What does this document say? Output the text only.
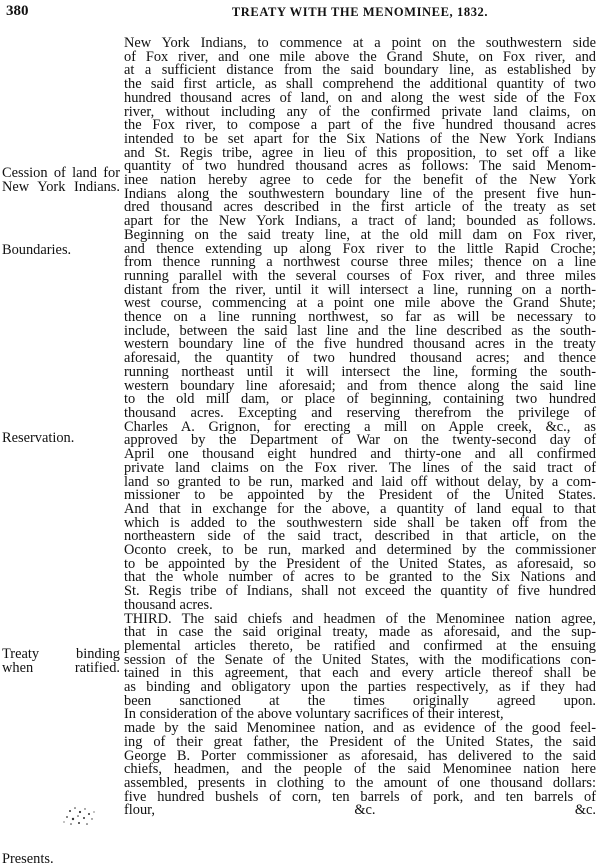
380	TREATY WITH THE MENOMINEE, 1832.
Cession of land for
New York Indians.
Boundaries.
Reservation.
Treaty binding
when ratified.
Presents.
New York Indians, to commence at a point on the southwestern side
of Fox river, and one mile above the Grand Shute, on Fox river, and
at a sufficient distance from the said boundary line, as established by
the said first article, as shall comprehend the additional quantity of two
hundred thousand acres of land, on and along the west side of the Fox
river, without including any of the confirmed private land claims, on
the Fox river, to compose a part of the five hundred thousand acres
intended to be set apart for the Six Nations of the New York Indians
and St. Regis tribe, agree in lieu of this proposition, to set off a like
quantity of two hundred thousand acres as follows: The said Menom-
inee nation hereby agree to cede for the benefit of the New York
Indians along the southwestern boundary line of the present five hun-
dred thousand acres described in the first article of the treaty as set
apart for the New York Indians, a tract of land; bounded as follows.
Beginning on the said treaty line, at the old mill dam on Fox river,
and thence extending up along Fox river to the little Rapid Croche;
from thence running a northwest course three miles; thence on a line
running parallel with the several courses of Fox river, and three miles
distant from the river, until it will intersect a line, running on a north-
west course, commencing at a point one mile above the Grand Shute;
thence on a line running northwest, so far as will be necessary to
include, between the said last line and the line described as the south-
western boundary line of the five hundred thousand acres in the treaty
aforesaid, the quantity of two hundred thousand acres; and thence
running northeast until it will intersect the line, forming the south-
western boundary line aforesaid; and from thence along the said line
to the old mill dam, or place of beginning, containing two hundred
thousand acres. Excepting and reserving therefrom the privilege of
Charles A. Grignon, for erecting a mill on Apple creek, &c., as
approved by the Department of War on the twenty-second day of
April one thousand eight hundred and thirty-one and all confirmed
private land claims on the Fox river. The lines of the said tract of
land so granted to be run, marked and laid off without delay, by a com-
missioner to be appointed by the President of the United States.
And that in exchange for the above, a quantity of land equal to that
which is added to the southwestern side shall be taken off from the
northeastern side of the said tract, described in that article, on the
Oconto creek, to be run, marked and determined by the commissioner
to be appointed by the President of the United States, as aforesaid, so
that the whole number of acres to be granted to the Six Nations and
St. Regis tribe of Indians, shall not exceed the quantity of five hundred
thousand acres.
THIRD. The said chiefs and headmen of the Menominee nation agree,
that in case the said original treaty, made as aforesaid, and the sup-
plemental articles thereto, be ratified and confirmed at the ensuing
session of the Senate of the United States, with the modifications con-
tained in this agreement, that each and every article thereof shall be
as binding and obligatory upon the parties respectively, as if they had
been sanctioned at the times originally agreed upon.
In consideration of the above voluntary sacrifices of their interest,
made by the said Menominee nation, and as evidence of the good feel-
ing of their great father, the President of the United States, the said
George B. Porter commissioner as aforesaid, has delivered to the said
chiefs, headmen, and the people of the said Menominee nation here
assembled, presents in clothing to the amount of one thousand dollars:
five hundred bushels of corn, ten barrels of pork, and ten barrels of
flour, &c. &c.
